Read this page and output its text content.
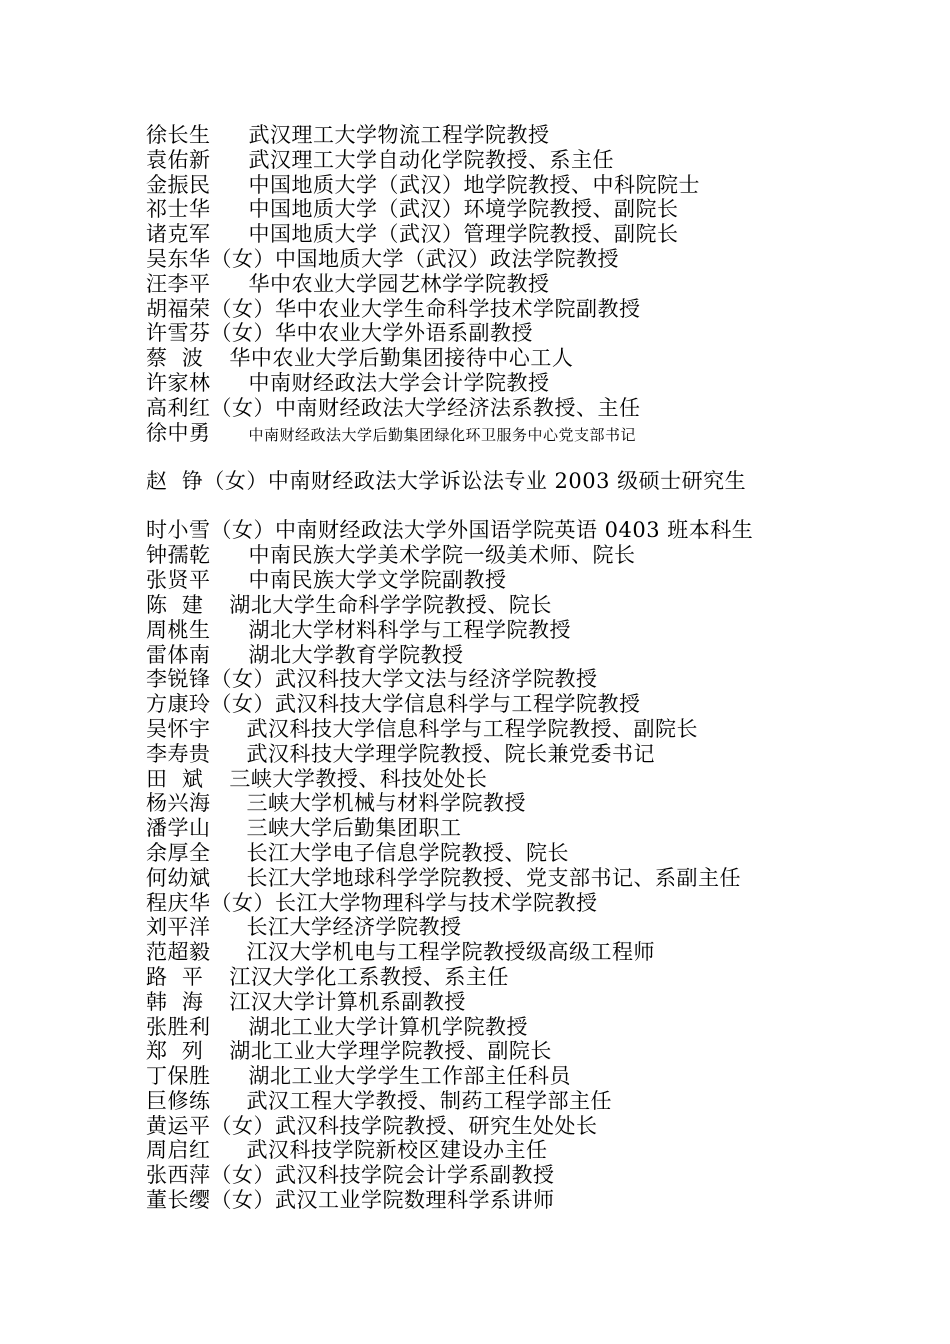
徐长生 武汉理工大学物流工程学院教授
袁佑新 武汉理工大学自动化学院教授、系主任
金振民 中国地质大学（武汉）地学院教授、中科院院士
祁士华 中国地质大学（武汉）环境学院教授、副院长
诸克军 中国地质大学（武汉）管理学院教授、副院长
吴东华（女）中国地质大学（武汉）政法学院教授
汪李平 华中农业大学园艺林学学院教授
胡福荣（女）华中农业大学生命科学技术学院副教授
许雪芬（女）华中农业大学外语系副教授
蔡  波 华中农业大学后勤集团接待中心工人
许家林 中南财经政法大学会计学院教授
高利红（女）中南财经政法大学经济法系教授、主任
徐中勇	中南财经政法大学后勤集团绿化环卫服务中心党支部书记
赵  铮（女）中南财经政法大学诉讼法专业 2003 级硕士研究生
时小雪（女）中南财经政法大学外国语学院英语 0403 班本科生
钟孺乾 中南民族大学美术学院一级美术师、院长
张贤平 中南民族大学文学院副教授
陈  建 湖北大学生命科学学院教授、院长
周桃生 湖北大学材料科学与工程学院教授
雷体南 湖北大学教育学院教授
李锐锋（女）武汉科技大学文法与经济学院教授
方康玲（女）武汉科技大学信息科学与工程学院教授
吴怀宇 武汉科技大学信息科学与工程学院教授、副院长
李寿贵 武汉科技大学理学院教授、院长兼党委书记
田  斌 三峡大学教授、科技处处长
杨兴海 三峡大学机械与材料学院教授
潘学山 三峡大学后勤集团职工
余厚全 长江大学电子信息学院教授、院长
何幼斌 长江大学地球科学学院教授、党支部书记、系副主任
程庆华（女）长江大学物理科学与技术学院教授
刘平洋 长江大学经济学院教授
范超毅 江汉大学机电与工程学院教授级高级工程师
路  平 江汉大学化工系教授、系主任
韩  海 江汉大学计算机系副教授
张胜利 湖北工业大学计算机学院教授
郑  列 湖北工业大学理学院教授、副院长
丁保胜 湖北工业大学学生工作部主任科员
巨修练 武汉工程大学教授、制药工程学部主任
黄运平（女）武汉科技学院教授、研究生处处长
周启红 武汉科技学院新校区建设办主任
张西萍（女）武汉科技学院会计学系副教授
董长缨（女）武汉工业学院数理科学系讲师
